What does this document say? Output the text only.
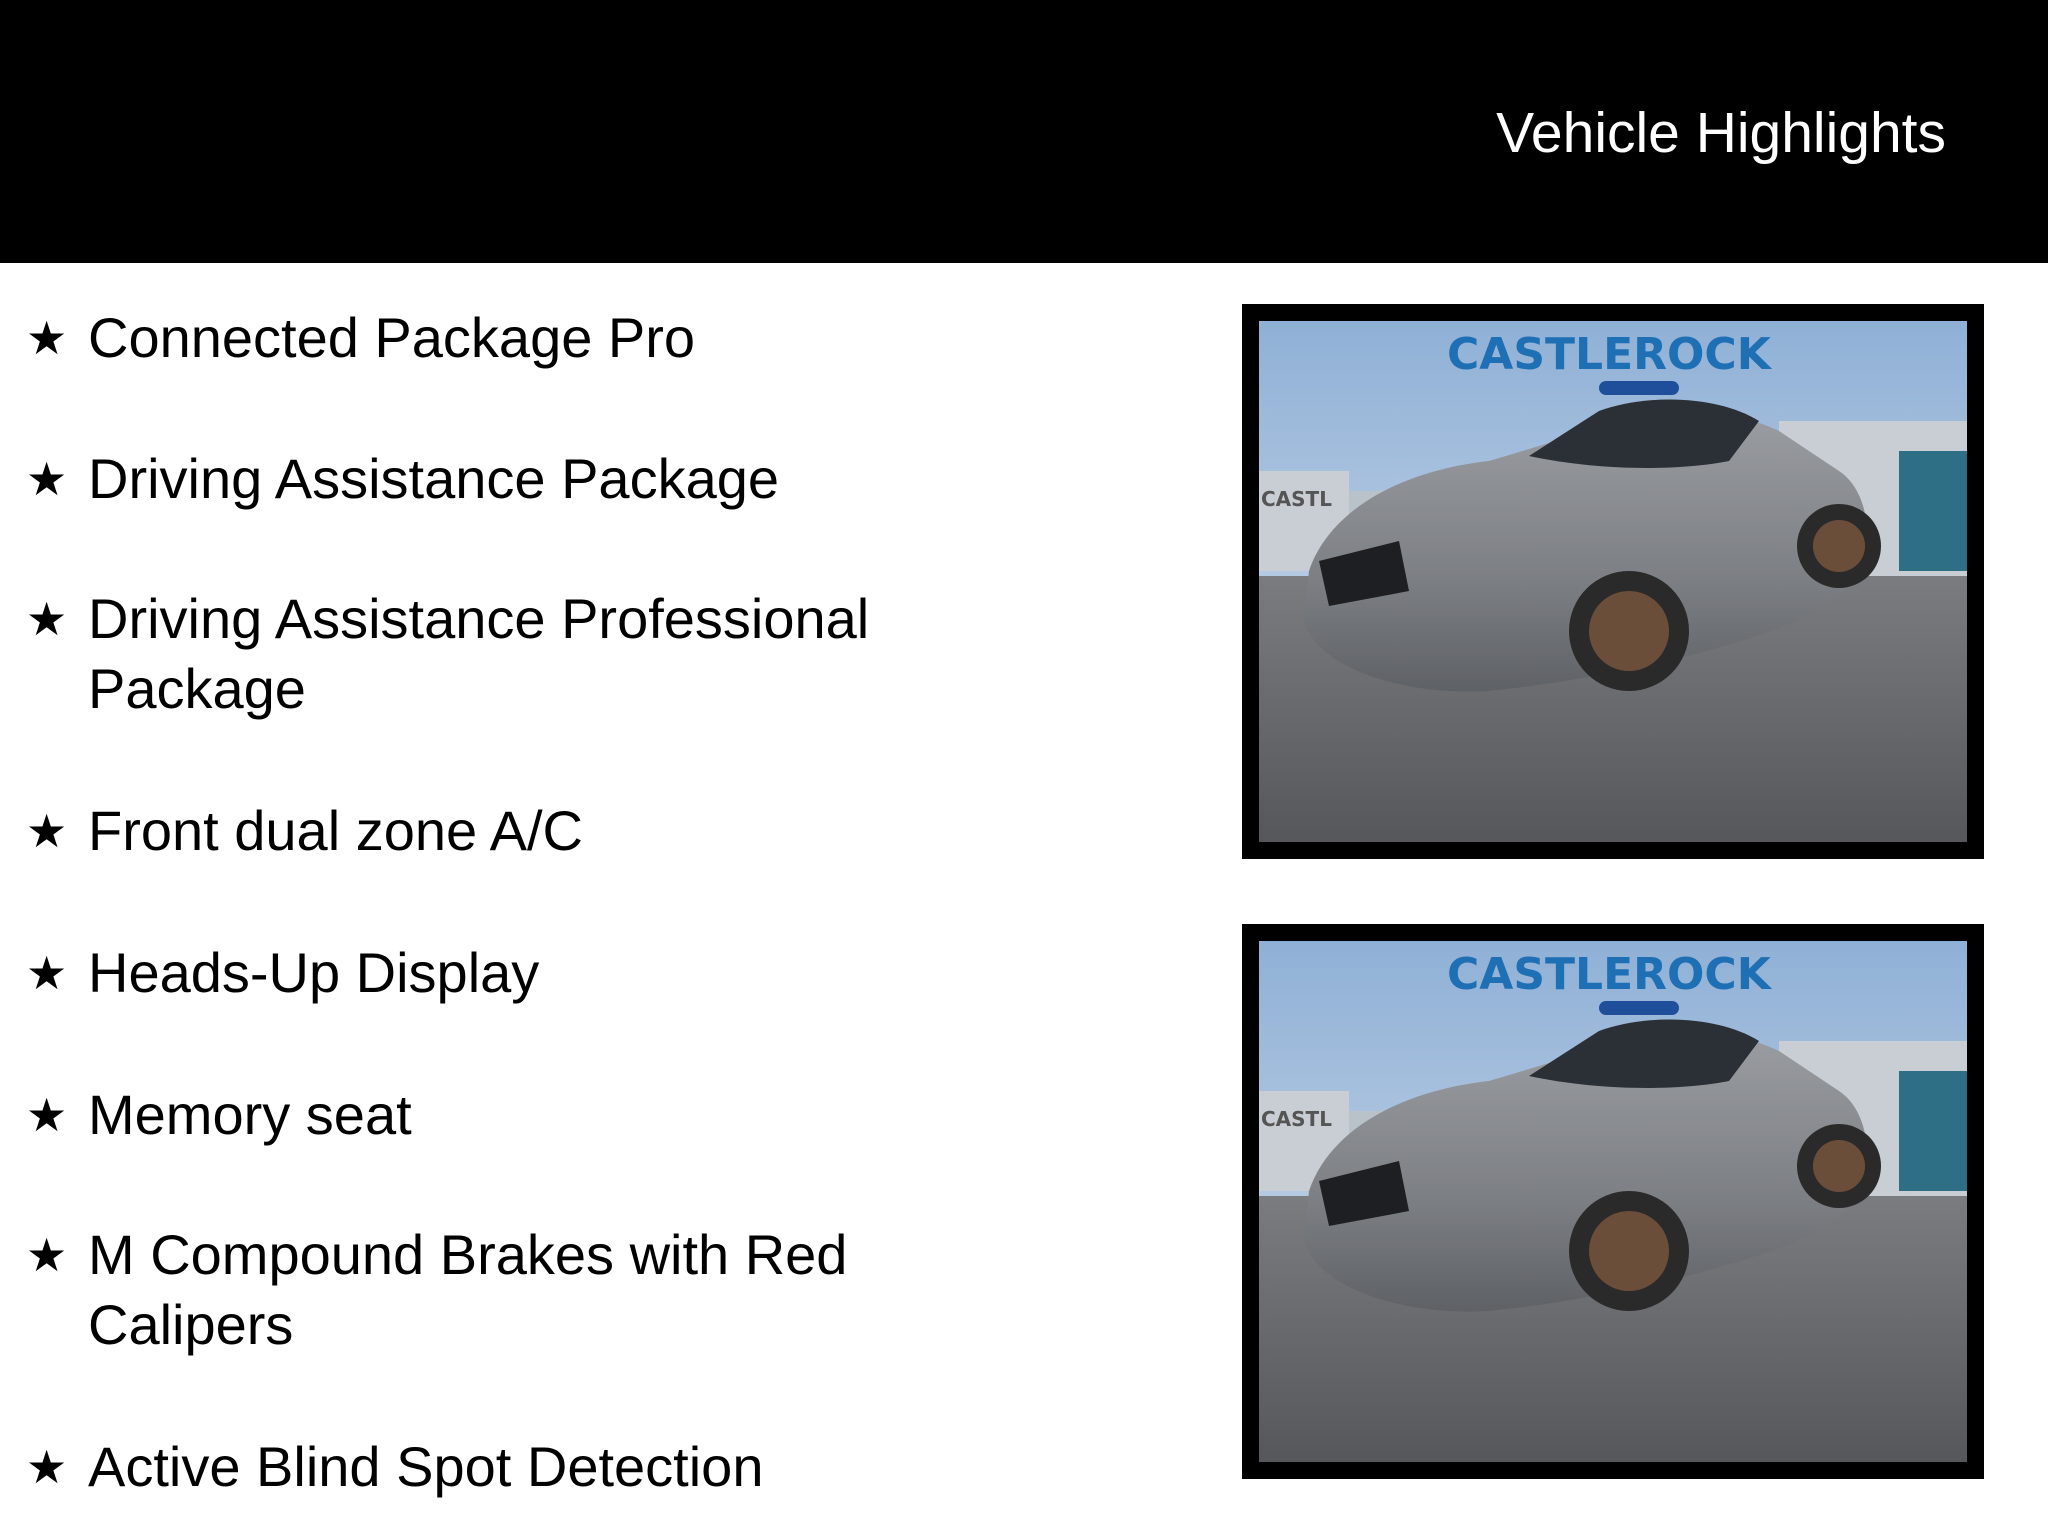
Vehicle Highlights
★ Connected Package Pro
★ Driving Assistance Package
★ Driving Assistance Professional Package
★ Front dual zone A/C
★ Heads-Up Display
★ Memory seat
★ M Compound Brakes with Red Calipers
★ Active Blind Spot Detection
CASTL
CASTLEROCK
CASTL
CASTLEROCK
